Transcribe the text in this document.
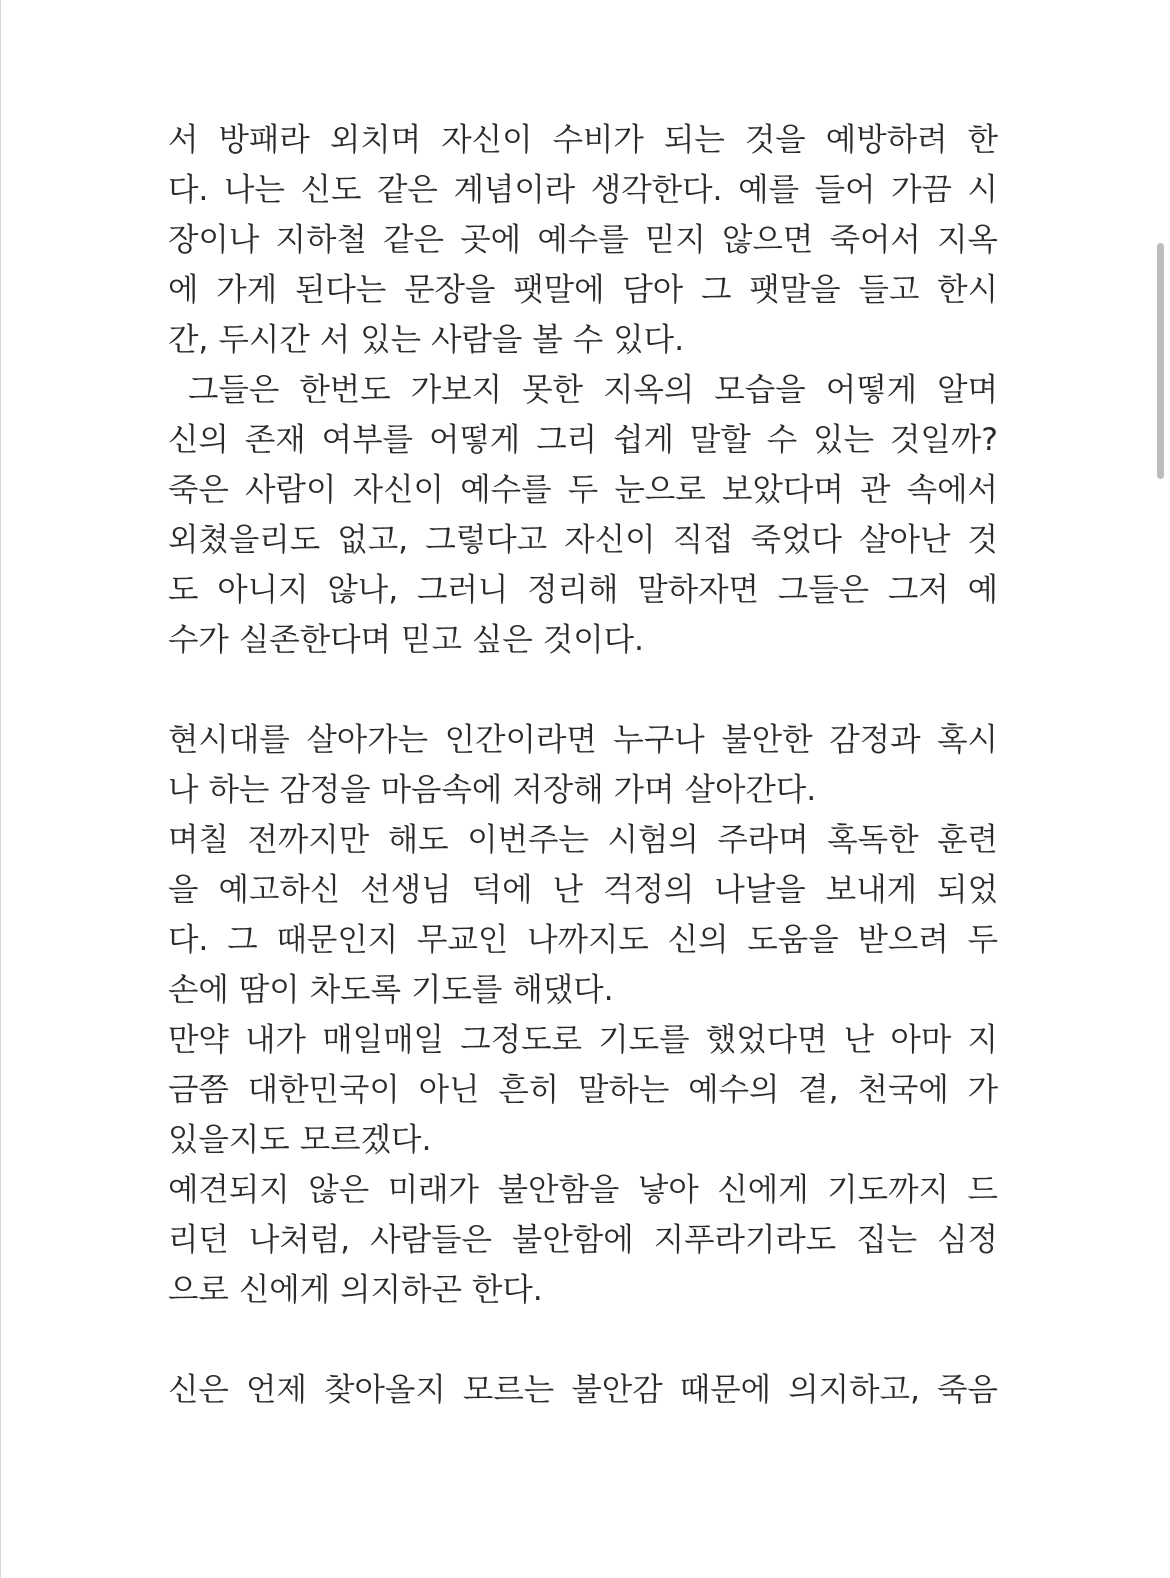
서 방패라 외치며 자신이 수비가 되는 것을 예방하려 한
다. 나는 신도 같은 계념이라 생각한다. 예를 들어 가끔 시
장이나 지하철 같은 곳에 예수를 믿지 않으면 죽어서 지옥
에 가게 된다는 문장을 팻말에 담아 그 팻말을 들고 한시
간, 두시간 서 있는 사람을 볼 수 있다.
그들은 한번도 가보지 못한 지옥의 모습을 어떻게 알며
신의 존재 여부를 어떻게 그리 쉽게 말할 수 있는 것일까?
죽은 사람이 자신이 예수를 두 눈으로 보았다며 관 속에서
외쳤을리도 없고, 그렇다고 자신이 직접 죽었다 살아난 것
도 아니지 않나, 그러니 정리해 말하자면 그들은 그저 예
수가 실존한다며 믿고 싶은 것이다.
현시대를 살아가는 인간이라면 누구나 불안한 감정과 혹시
나 하는 감정을 마음속에 저장해 가며 살아간다.
며칠 전까지만 해도 이번주는 시험의 주라며 혹독한 훈련
을 예고하신 선생님 덕에 난 걱정의 나날을 보내게 되었
다. 그 때문인지 무교인 나까지도 신의 도움을 받으려 두
손에 땀이 차도록 기도를 해댔다.
만약 내가 매일매일 그정도로 기도를 했었다면 난 아마 지
금쯤 대한민국이 아닌 흔히 말하는 예수의 곁, 천국에 가
있을지도 모르겠다.
예견되지 않은 미래가 불안함을 낳아 신에게 기도까지 드
리던 나처럼, 사람들은 불안함에 지푸라기라도 집는 심정
으로 신에게 의지하곤 한다.
신은 언제 찾아올지 모르는 불안감 때문에 의지하고, 죽음
